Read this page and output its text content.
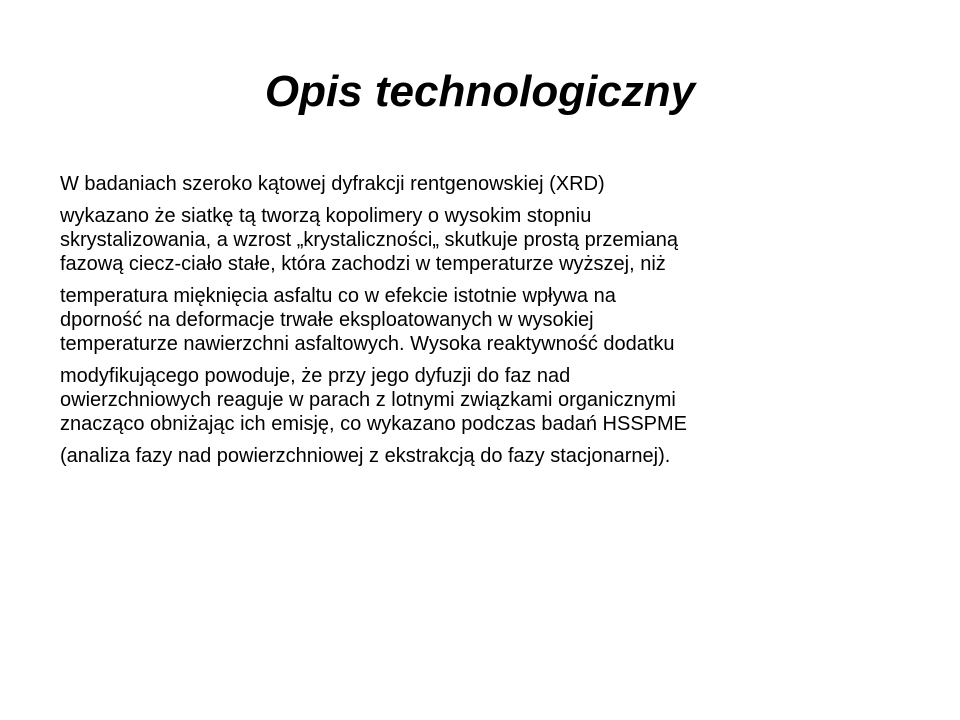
Opis technologiczny
W badaniach szeroko kątowej dyfrakcji rentgenowskiej (XRD)
wykazano że siatkę tą tworzą kopolimery o wysokim stopniu
skrystalizowania, a wzrost „krystaliczności„ skutkuje prostą przemianą
fazową ciecz-ciało stałe, która zachodzi w temperaturze wyższej, niż
temperatura mięknięcia asfaltu co w efekcie istotnie wpływa na
dporność na deformacje trwałe eksploatowanych w wysokiej
temperaturze nawierzchni asfaltowych. Wysoka reaktywność dodatku
modyfikującego powoduje, że przy jego dyfuzji do faz nad
owierzchniowych reaguje w parach z lotnymi związkami organicznymi
znacząco obniżając ich emisję, co wykazano podczas badań HSSPME
(analiza fazy nad powierzchniowej z ekstrakcją do fazy stacjonarnej).
